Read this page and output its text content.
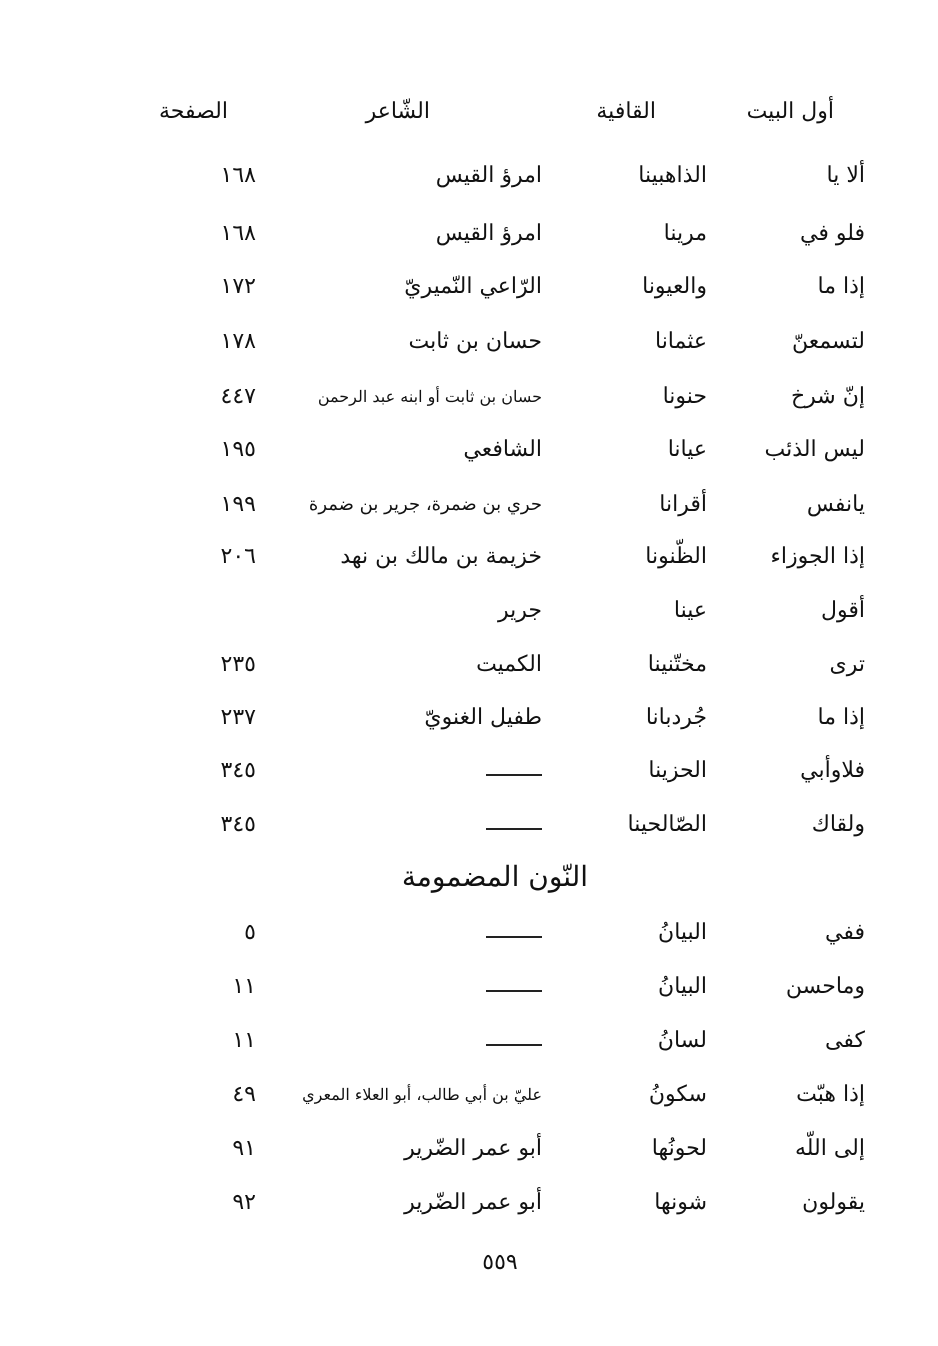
أول البيت
القافية
الشّاعر
الصفحة
ألا يا
الذاهبينا
امرؤ القيس
١٦٨
فلو في
مرينا
امرؤ القيس
١٦٨
إذا ما
والعيونا
الرّاعي النّميريّ
١٧٢
لتسمعنّ
عثمانا
حسان بن ثابت
١٧٨
إنّ شرخ
حنونا
حسان بن ثابت أو ابنه عبد الرحمن
٤٤٧
ليس الذئب
عيانا
الشافعي
١٩٥
يانفس
أقرانا
حري بن ضمرة، جرير بن ضمرة
١٩٩
إذا الجوزاء
الظّنونا
خزيمة بن مالك بن نهد
٢٠٦
أقول
عينا
جرير
ترى
مختّنينا
الكميت
٢٣٥
إذا ما
جُردبانا
طفيل الغنويّ
٢٣٧
فلاوأبي
الحزينا
٣٤٥
ولقاك
الصّالحينا
٣٤٥
النّون المضمومة
ففي
البيانُ
٥
وماحسن
البيانُ
١١
كفى
لسانُ
١١
إذا هبّت
سكونُ
عليّ بن أبي طالب، أبو العلاء المعري
٤٩
إلى اللّه
لحونُها
أبو عمر الضّرير
٩١
يقولون
شونها
أبو عمر الضّرير
٩٢
٥٥٩
